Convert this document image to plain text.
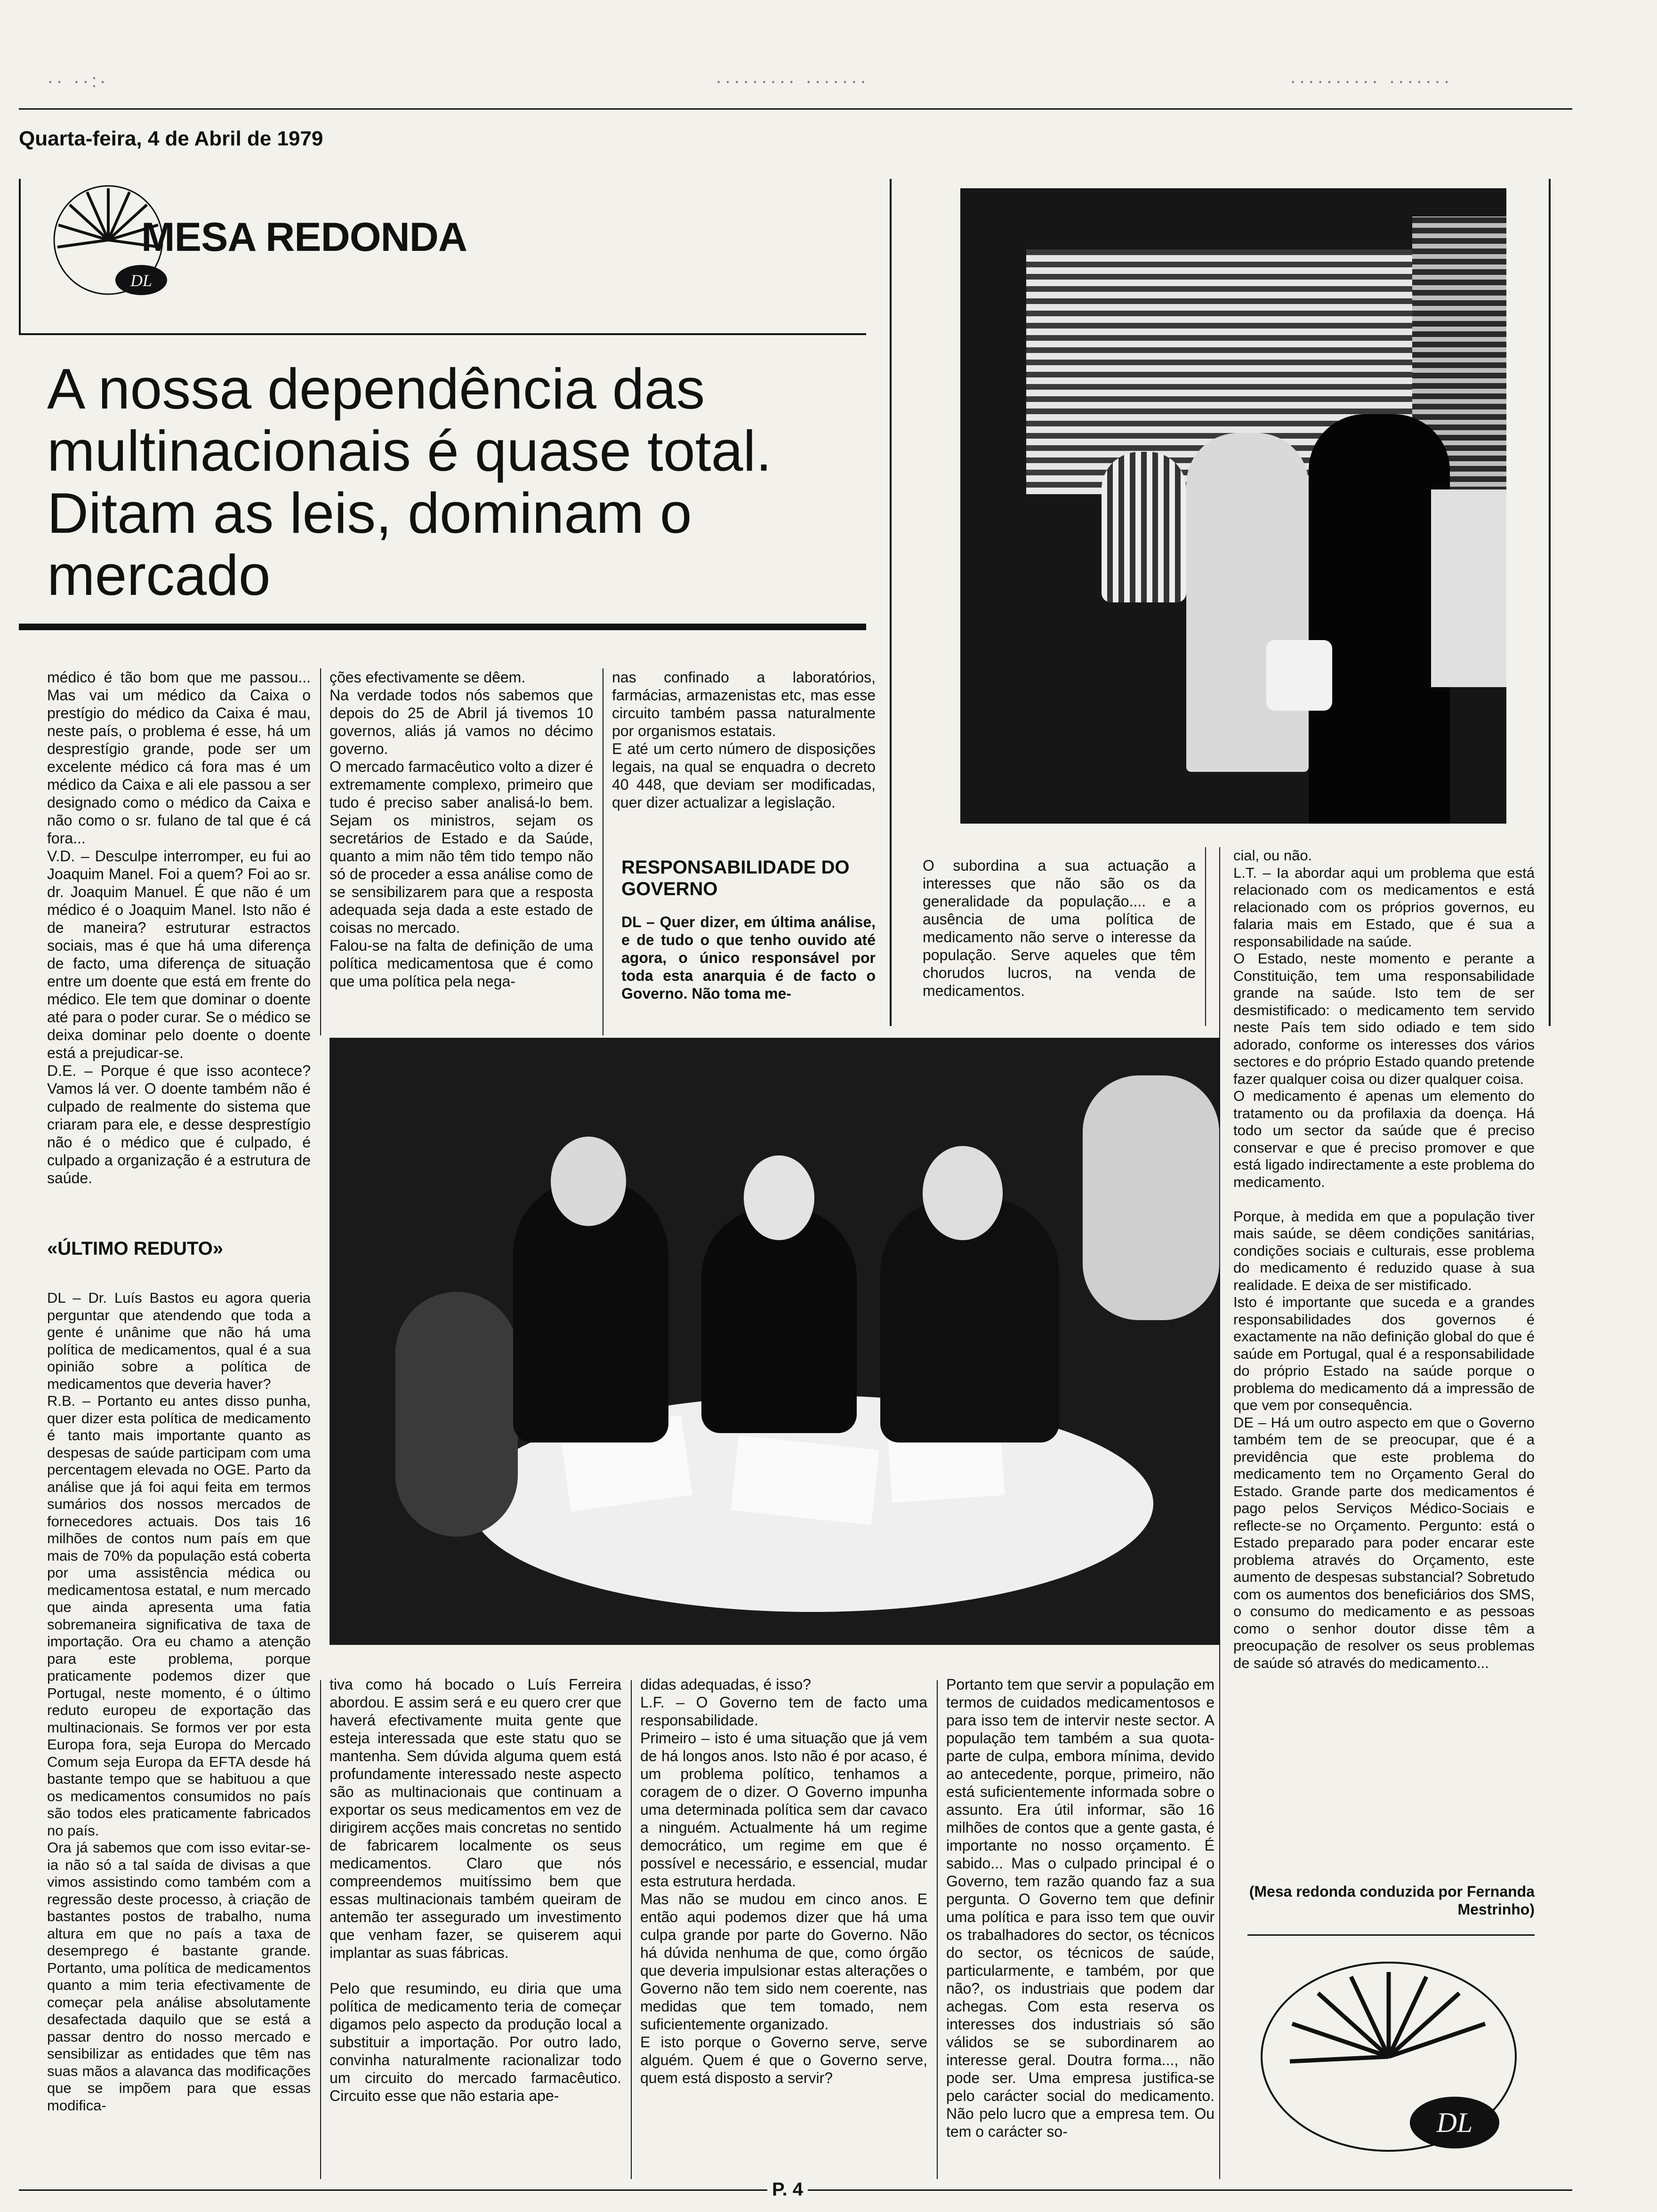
·· ··:·	········· ·······	·········· ·······
Quarta-feira, 4 de Abril de 1979
DL
MESA REDONDA
A nossa dependência das multinacionais é quase total. Ditam as leis, dominam o mercado
médico é tão bom que me passou... Mas vai um médico da Caixa o prestígio do médico da Caixa é mau, neste país, o problema é esse, há um desprestígio grande, pode ser um excelente médico cá fora mas é um médico da Caixa e ali ele passou a ser designado como o médico da Caixa e não como o sr. fulano de tal que é cá fora...
V.D. – Desculpe interromper, eu fui ao Joaquim Manel. Foi a quem? Foi ao sr. dr. Joaquim Manuel. É que não é um médico é o Joaquim Manel. Isto não é de maneira? estruturar estractos sociais, mas é que há uma diferença de facto, uma diferença de situação entre um doente que está em frente do médico. Ele tem que dominar o doente até para o poder curar. Se o médico se deixa dominar pelo doente o doente está a prejudicar-se.
D.E. – Porque é que isso acontece? Vamos lá ver. O doente também não é culpado de realmente do sistema que criaram para ele, e desse desprestígio não é o médico que é culpado, é culpado a organização é a estrutura de saúde.
«ÚLTIMO REDUTO»
DL – Dr. Luís Bastos eu agora queria perguntar que atendendo que toda a gente é unânime que não há uma política de medicamentos, qual é a sua opinião sobre a política de medicamentos que deveria haver?
R.B. – Portanto eu antes disso punha, quer dizer esta política de medicamento é tanto mais importante quanto as despesas de saúde participam com uma percentagem elevada no OGE. Parto da análise que já foi aqui feita em termos sumários dos nossos mercados de fornecedores actuais. Dos tais 16 milhões de contos num país em que mais de 70% da população está coberta por uma assistência médica ou medicamentosa estatal, e num mercado que ainda apresenta uma fatia sobremaneira significativa de taxa de importação. Ora eu chamo a atenção para este problema, porque praticamente podemos dizer que Portugal, neste momento, é o último reduto europeu de exportação das multinacionais. Se formos ver por esta Europa fora, seja Europa do Mercado Comum seja Europa da EFTA desde há bastante tempo que se habituou a que os medicamentos consumidos no país são todos eles praticamente fabricados no país.
Ora já sabemos que com isso evitar-se-ia não só a tal saída de divisas a que vimos assistindo como também com a regressão deste processo, à criação de bastantes postos de trabalho, numa altura em que no país a taxa de desemprego é bastante grande. Portanto, uma política de medicamentos quanto a mim teria efectivamente de começar pela análise absolutamente desafectada daquilo que se está a passar dentro do nosso mercado e sensibilizar as entidades que têm nas suas mãos a alavanca das modificações que se impõem para que essas modifica-
ções efectivamente se dêem.
Na verdade todos nós sabemos que depois do 25 de Abril já tivemos 10 governos, aliás já vamos no décimo governo.
O mercado farmacêutico volto a dizer é extremamente complexo, primeiro que tudo é preciso saber analisá-lo bem. Sejam os ministros, sejam os secretários de Estado e da Saúde, quanto a mim não têm tido tempo não só de proceder a essa análise como de se sensibilizarem para que a resposta adequada seja dada a este estado de coisas no mercado.
Falou-se na falta de definição de uma política medicamentosa que é como que uma política pela nega-
nas confinado a laboratórios, farmácias, armazenistas etc, mas esse circuito também passa naturalmente por organismos estatais.
E até um certo número de disposições legais, na qual se enquadra o decreto 40 448, que deviam ser modificadas, quer dizer actualizar a legislação.
RESPONSABILIDADE DO GOVERNO
DL – Quer dizer, em última análise, e de tudo o que tenho ouvido até agora, o único responsável por toda esta anarquia é de facto o Governo. Não toma me-
O subordina a sua actuação a interesses que não são os da generalidade da população.... e a ausência de uma política de medicamento não serve o interesse da população. Serve aqueles que têm chorudos lucros, na venda de medicamentos.
cial, ou não.
L.T. – Ia abordar aqui um problema que está relacionado com os medicamentos e está relacionado com os próprios governos, eu falaria mais em Estado, que é sua a responsabilidade na saúde.
O Estado, neste momento e perante a Constituição, tem uma responsabilidade grande na saúde. Isto tem de ser desmistificado: o medicamento tem servido neste País tem sido odiado e tem sido adorado, conforme os interesses dos vários sectores e do próprio Estado quando pretende fazer qualquer coisa ou dizer qualquer coisa.
O medicamento é apenas um elemento do tratamento ou da profilaxia da doença. Há todo um sector da saúde que é preciso conservar e que é preciso promover e que está ligado indirectamente a este problema do medicamento.

Porque, à medida em que a população tiver mais saúde, se dêem condições sanitárias, condições sociais e culturais, esse problema do medicamento é reduzido quase à sua realidade. E deixa de ser mistificado.
Isto é importante que suceda e a grandes responsabilidades dos governos é exactamente na não definição global do que é saúde em Portugal, qual é a responsabilidade do próprio Estado na saúde porque o problema do medicamento dá a impressão de que vem por consequência.
DE – Há um outro aspecto em que o Governo também tem de se preocupar, que é a previdência que este problema do medicamento tem no Orçamento Geral do Estado. Grande parte dos medicamentos é pago pelos Serviços Médico-Sociais e reflecte-se no Orçamento. Pergunto: está o Estado preparado para poder encarar este problema através do Orçamento, este aumento de despesas substancial? Sobretudo com os aumentos dos beneficiários dos SMS, o consumo do medicamento e as pessoas como o senhor doutor disse têm a preocupação de resolver os seus problemas de saúde só através do medicamento...
(Mesa redonda conduzida por Fernanda Mestrinho)
DL
tiva como há bocado o Luís Ferreira abordou. E assim será e eu quero crer que haverá efectivamente muita gente que esteja interessada que este statu quo se mantenha. Sem dúvida alguma quem está profundamente interessado neste aspecto são as multinacionais que continuam a exportar os seus medicamentos em vez de dirigirem acções mais concretas no sentido de fabricarem localmente os seus medicamentos. Claro que nós compreendemos muitíssimo bem que essas multinacionais também queiram de antemão ter assegurado um investimento que venham fazer, se quiserem aqui implantar as suas fábricas.

Pelo que resumindo, eu diria que uma política de medicamento teria de começar digamos pelo aspecto da produção local a substituir a importação. Por outro lado, convinha naturalmente racionalizar todo um circuito do mercado farmacêutico. Circuito esse que não estaria ape-
didas adequadas, é isso?
L.F. – O Governo tem de facto uma responsabilidade.
Primeiro – isto é uma situação que já vem de há longos anos. Isto não é por acaso, é um problema político, tenhamos a coragem de o dizer. O Governo impunha uma determinada política sem dar cavaco a ninguém. Actualmente há um regime democrático, um regime em que é possível e necessário, e essencial, mudar esta estrutura herdada.
Mas não se mudou em cinco anos. E então aqui podemos dizer que há uma culpa grande por parte do Governo. Não há dúvida nenhuma de que, como órgão que deveria impulsionar estas alterações o Governo não tem sido nem coerente, nas medidas que tem tomado, nem suficientemente organizado.
E isto porque o Governo serve, serve alguém. Quem é que o Governo serve, quem está disposto a servir?
Portanto tem que servir a população em termos de cuidados medicamentosos e para isso tem de intervir neste sector. A população tem também a sua quota-parte de culpa, embora mínima, devido ao antecedente, porque, primeiro, não está suficientemente informada sobre o assunto. Era útil informar, são 16 milhões de contos que a gente gasta, é importante no nosso orçamento. É sabido... Mas o culpado principal é o Governo, tem razão quando faz a sua pergunta. O Governo tem que definir uma política e para isso tem que ouvir os trabalhadores do sector, os técnicos do sector, os técnicos de saúde, particularmente, e também, por que não?, os industriais que podem dar achegas. Com esta reserva os interesses dos industriais só são válidos se se subordinarem ao interesse geral. Doutra forma..., não pode ser. Uma empresa justifica-se pelo carácter social do medicamento. Não pelo lucro que a empresa tem. Ou tem o carácter so-
P. 4
